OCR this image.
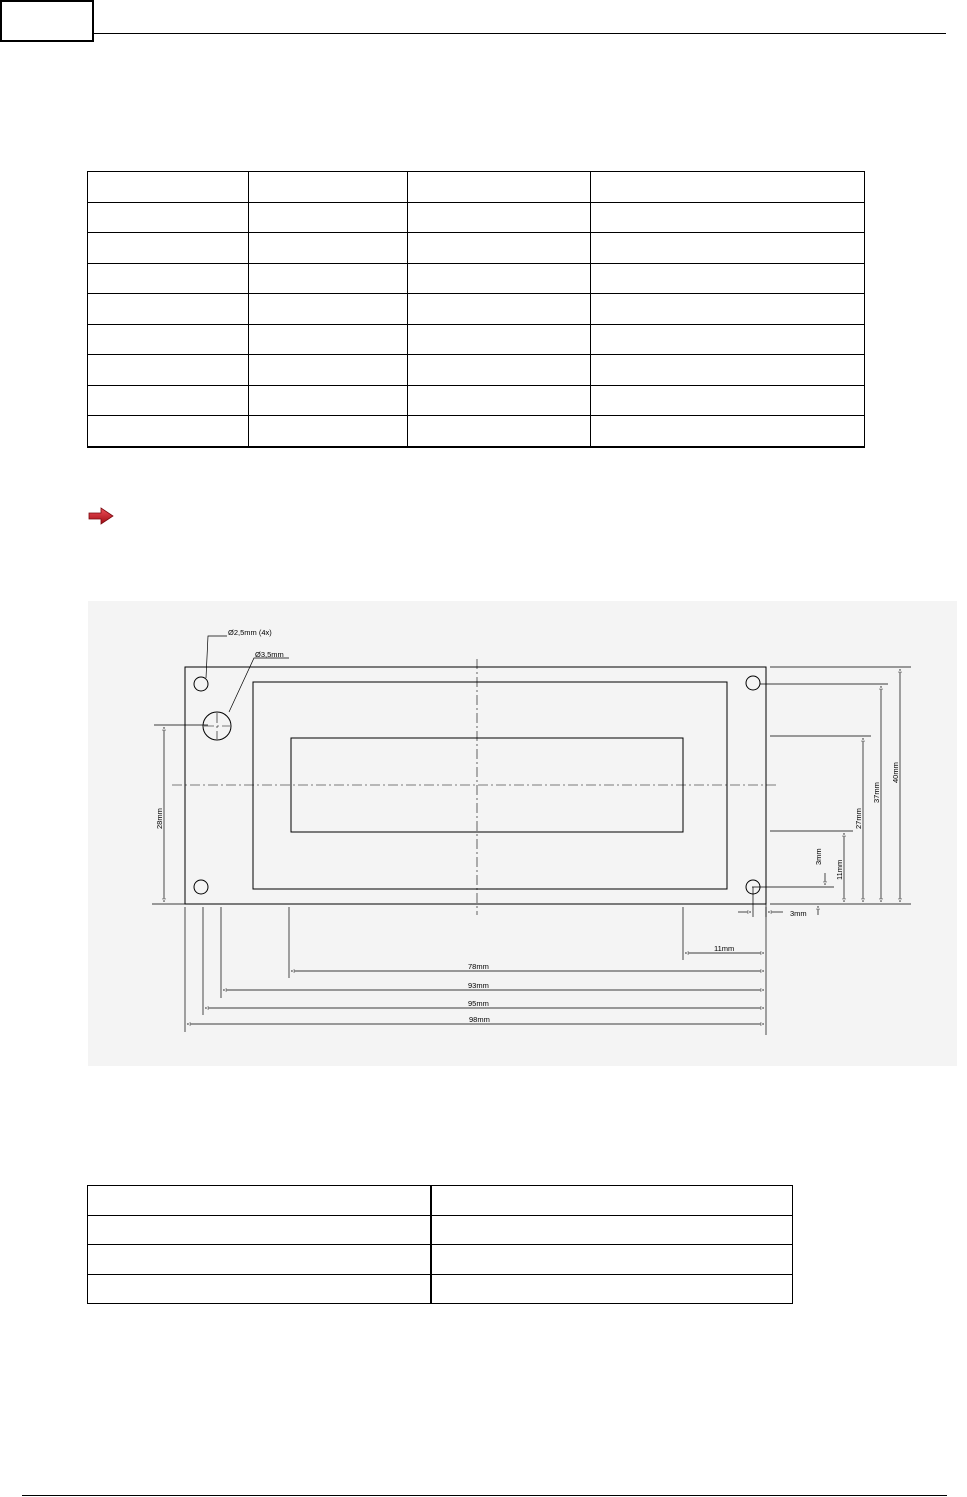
Ø2,5mm (4x)
Ø3,5mm
28mm
40mm
37mm
27mm
11mm
3mm
3mm
11mm
78mm
93mm
95mm
98mm
